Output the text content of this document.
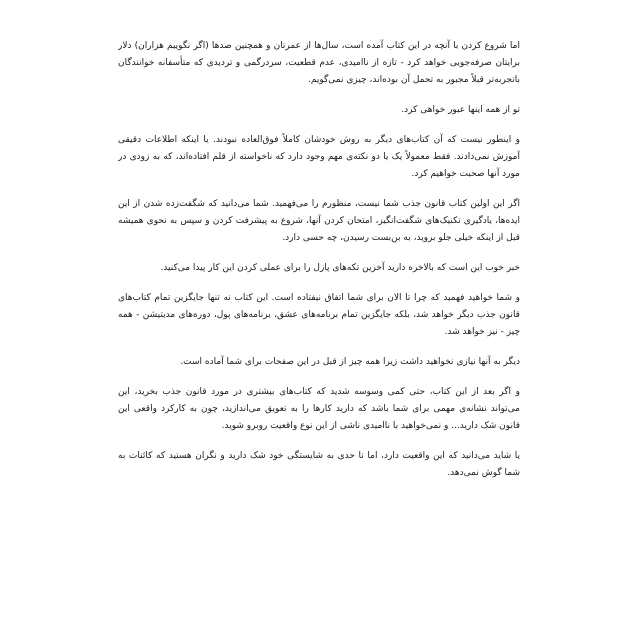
اما شروع کردن با آنچه در این کتاب آمده است، سال‌ها از عمرتان و همچنین صدها (اگر نگوییم هزاران) دلار برایتان صرفه‌جویی خواهد کرد - تازه از ناامیدی، عدم قطعیت، سردرگمی و تردیدی که متأسفانه خوانندگان باتجربه‌تر قبلاً مجبور به تحمل آن بوده‌اند، چیزی نمی‌گویم.

تو از همه اینها عبور خواهی کرد.

و اینطور نیست که آن کتاب‌های دیگر به روش خودشان کاملاً فوق‌العاده نبودند. یا اینکه اطلاعات دقیقی آموزش نمی‌دادند. فقط معمولاً یک یا دو نکته‌ی مهم وجود دارد که ناخواسته از قلم افتاده‌اند، که به زودی در مورد آنها صحبت خواهیم کرد.

اگر این اولین کتاب قانون جذب شما نیست، منظورم را می‌فهمید. شما می‌دانید که شگفت‌زده شدن از این ایده‌ها، یادگیری تکنیک‌های شگفت‌انگیز، امتحان کردن آنها، شروع به پیشرفت کردن و سپس به نحوی همیشه قبل از اینکه خیلی جلو بروید، به بن‌بست رسیدن، چه حسی دارد.

خبر خوب این است که بالاخره دارید آخرین تکه‌های پازل را برای عملی کردن این کار پیدا می‌کنید.

و شما خواهید فهمید که چرا تا الان برای شما اتفاق نیفتاده است. این کتاب نه تنها جایگزین تمام کتاب‌های قانون جذب دیگر خواهد شد، بلکه جایگزین تمام برنامه‌های عشق، برنامه‌های پول، دوره‌های مدیتیشن - همه چیز - نیز خواهد شد.

دیگر به آنها نیازی نخواهید داشت زیرا همه چیز از قبل در این صفحات برای شما آماده است.

و اگر بعد از این کتاب، حتی کمی وسوسه شدید که کتاب‌های بیشتری در مورد قانون جذب بخرید، این می‌تواند نشانه‌ی مهمی برای شما باشد که دارید کارها را به تعویق می‌اندازید، چون به کارکرد واقعی این قانون شک دارید... و نمی‌خواهید با ناامیدی ناشی از این نوع واقعیت روبرو شوید.

یا شاید می‌دانید که این واقعیت دارد، اما تا حدی به شایستگی خود شک دارید و نگران هستید که کائنات به شما گوش نمی‌دهد.
